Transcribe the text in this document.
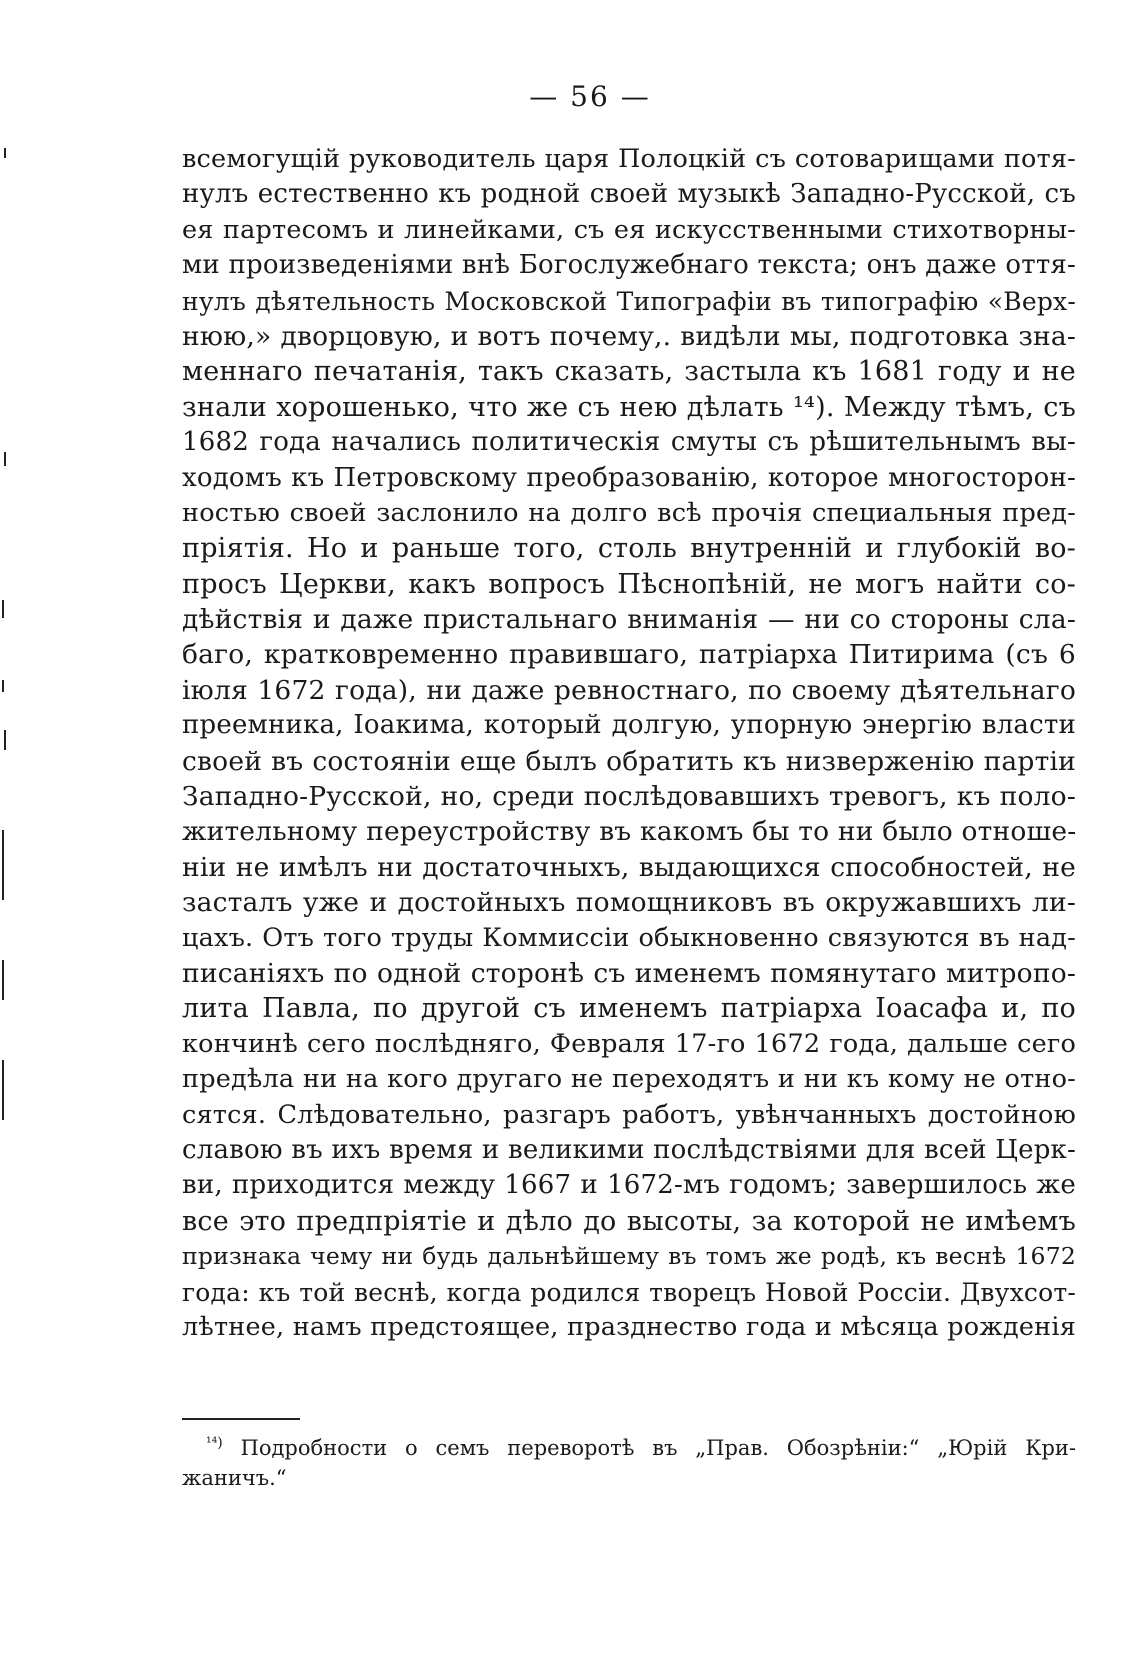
— 56 —
всемогущiй руководитель царя Полоцкiй съ сотоварищами потя-
нулъ естественно къ родной своей музыкѣ Западно-Русской, съ
ея партесомъ и линейками, съ ея искусственными стихотворны-
ми произведенiями внѣ Богослужебнаго текста; онъ даже оття-
нулъ дѣятельность Московской Типографiи въ типографiю «Верх-
нюю,» дворцовую, и вотъ почему,. видѣли мы, подготовка зна-
меннаго печатанiя, такъ сказать, застыла къ 1681 году и не
знали хорошенько, что же съ нею дѣлать ¹⁴). Между тѣмъ, съ
1682 года начались политическiя смуты съ рѣшительнымъ вы-
ходомъ къ Петровскому преобразованiю, которое многосторон-
ностью своей заслонило на долго всѣ прочiя специальныя пред-
прiятiя. Но и раньше того, столь внутреннiй и глубокiй во-
просъ Церкви, какъ вопросъ Пѣснопѣнiй, не могъ найти со-
дѣйствiя и даже пристальнаго вниманiя — ни со стороны сла-
баго, кратковременно правившаго, патрiарха Питирима (съ 6
iюля 1672 года), ни даже ревностнаго, по своему дѣятельнаго
преемника, Iоакима, который долгую, упорную энергiю власти
своей въ состоянiи еще былъ обратить къ низверженiю партiи
Западно-Русской, но, среди послѣдовавшихъ тревогъ, къ поло-
жительному переустройству въ какомъ бы то ни было отноше-
нiи не имѣлъ ни достаточныхъ, выдающихся способностей, не
засталъ уже и достойныхъ помощниковъ въ окружавшихъ ли-
цахъ. Отъ того труды Коммиссiи обыкновенно связуются въ над-
писанiяхъ по одной сторонѣ съ именемъ помянутаго митропо-
лита Павла, по другой съ именемъ патрiарха Iоасафа и, по
кончинѣ сего послѣдняго, Февраля 17-го 1672 года, дальше сего
предѣла ни на кого другаго не переходятъ и ни къ кому не отно-
сятся. Слѣдовательно, разгаръ работъ, увѣнчанныхъ достойною
славою въ ихъ время и великими послѣдствiями для всей Церк-
ви, приходится между 1667 и 1672-мъ годомъ; завершилось же
все это предпрiятiе и дѣло до высоты, за которой не имѣемъ
признака чему ни будь дальнѣйшему въ томъ же родѣ, къ веснѣ 1672
года: къ той веснѣ, когда родился творецъ Новой Россiи. Двухсот-
лѣтнее, намъ предстоящее, празднество года и мѣсяца рожденiя
$^{^{14})}$ Подробности о семъ переворотѣ въ „Прав. Обозрѣнiи:“ „Юрiй Кри-
жаничъ.“
